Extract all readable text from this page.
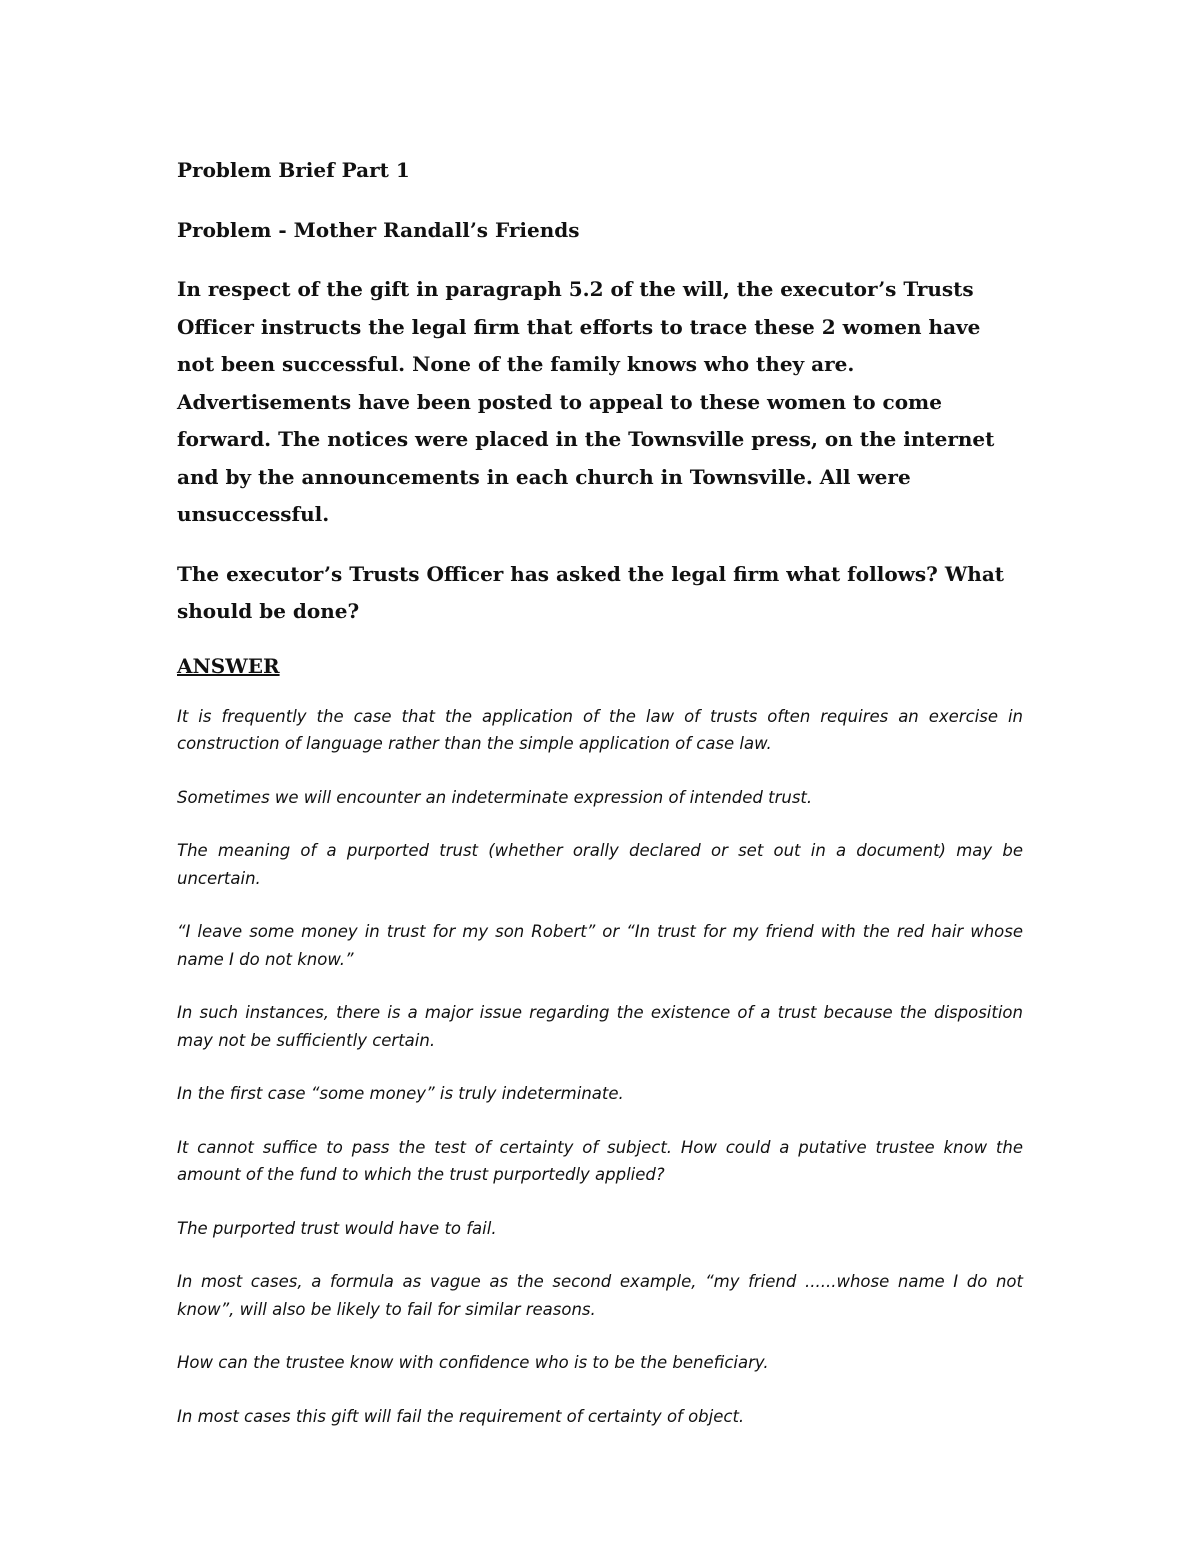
Problem Brief Part 1

Problem - Mother Randall’s Friends

In respect of the gift in paragraph 5.2 of the will, the executor’s Trusts Officer instructs the legal firm that efforts to trace these 2 women have not been successful. None of the family knows who they are. Advertisements have been posted to appeal to these women to come forward. The notices were placed in the Townsville press, on the internet and by the announcements in each church in Townsville. All were unsuccessful.

The executor’s Trusts Officer has asked the legal firm what follows? What should be done?

ANSWER

It is frequently the case that the application of the law of trusts often requires an exercise in construction of language rather than the simple application of case law.

Sometimes we will encounter an indeterminate expression of intended trust.

The meaning of a purported trust (whether orally declared or set out in a document) may be uncertain.

“I leave some money in trust for my son Robert” or “In trust for my friend with the red hair whose name I do not know.”

In such instances, there is a major issue regarding the existence of a trust because the disposition may not be sufficiently certain.

In the first case “some money” is truly indeterminate.

It cannot suffice to pass the test of certainty of subject. How could a putative trustee know the amount of the fund to which the trust purportedly applied?

The purported trust would have to fail.

In most cases, a formula as vague as the second example, “my friend ......whose name I do not know”, will also be likely to fail for similar reasons.

How can the trustee know with confidence who is to be the beneficiary.

In most cases this gift will fail the requirement of certainty of object.
